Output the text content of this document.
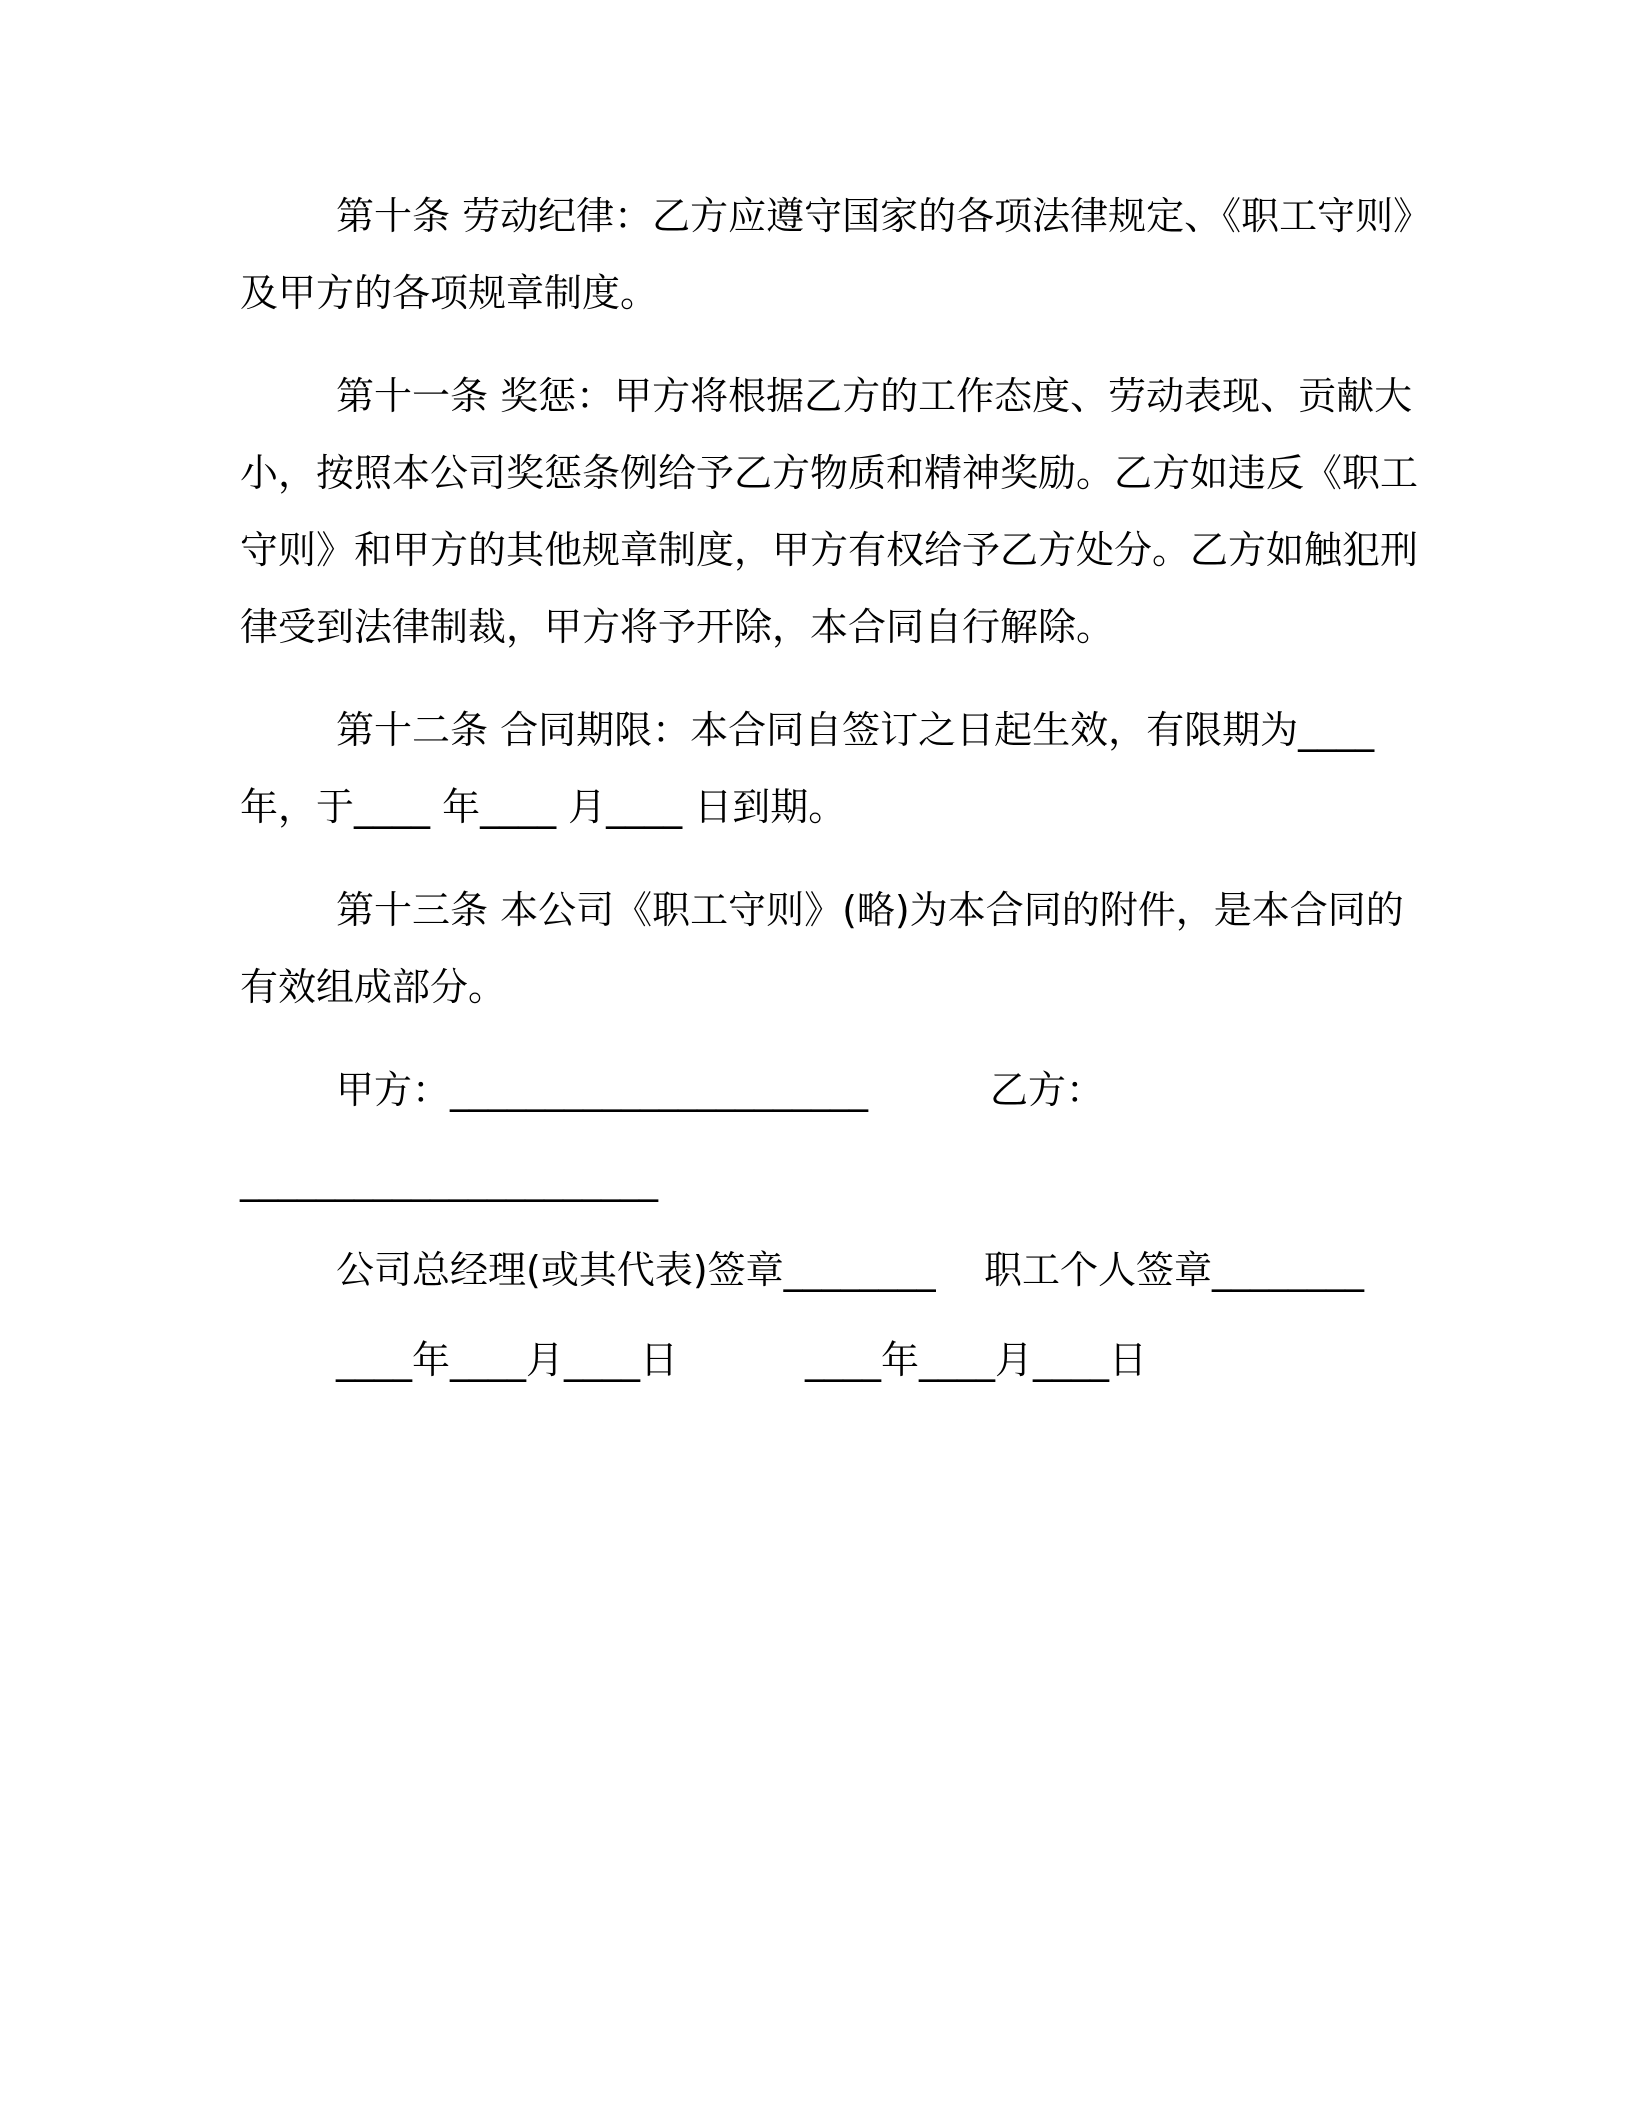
第十条 劳动纪律：乙方应遵守国家的各项法律规定、《职工守则》及甲方的各项规章制度。
第十一条 奖惩：甲方将根据乙方的工作态度、劳动表现、贡献大小，按照本公司奖惩条例给予乙方物质和精神奖励。乙方如违反《职工守则》和甲方的其他规章制度，甲方有权给予乙方处分。乙方如触犯刑律受到法律制裁，甲方将予开除，本合同自行解除。
第十二条 合同期限：本合同自签订之日起生效，有限期为____年，于____ 年____ 月____ 日到期。
第十三条 本公司《职工守则》(略)为本合同的附件，是本合同的有效组成部分。
甲方：______________________	乙方：
______________________
公司总经理(或其代表)签章________ 职工个人签章________
____年____月____日	____年____月____日
